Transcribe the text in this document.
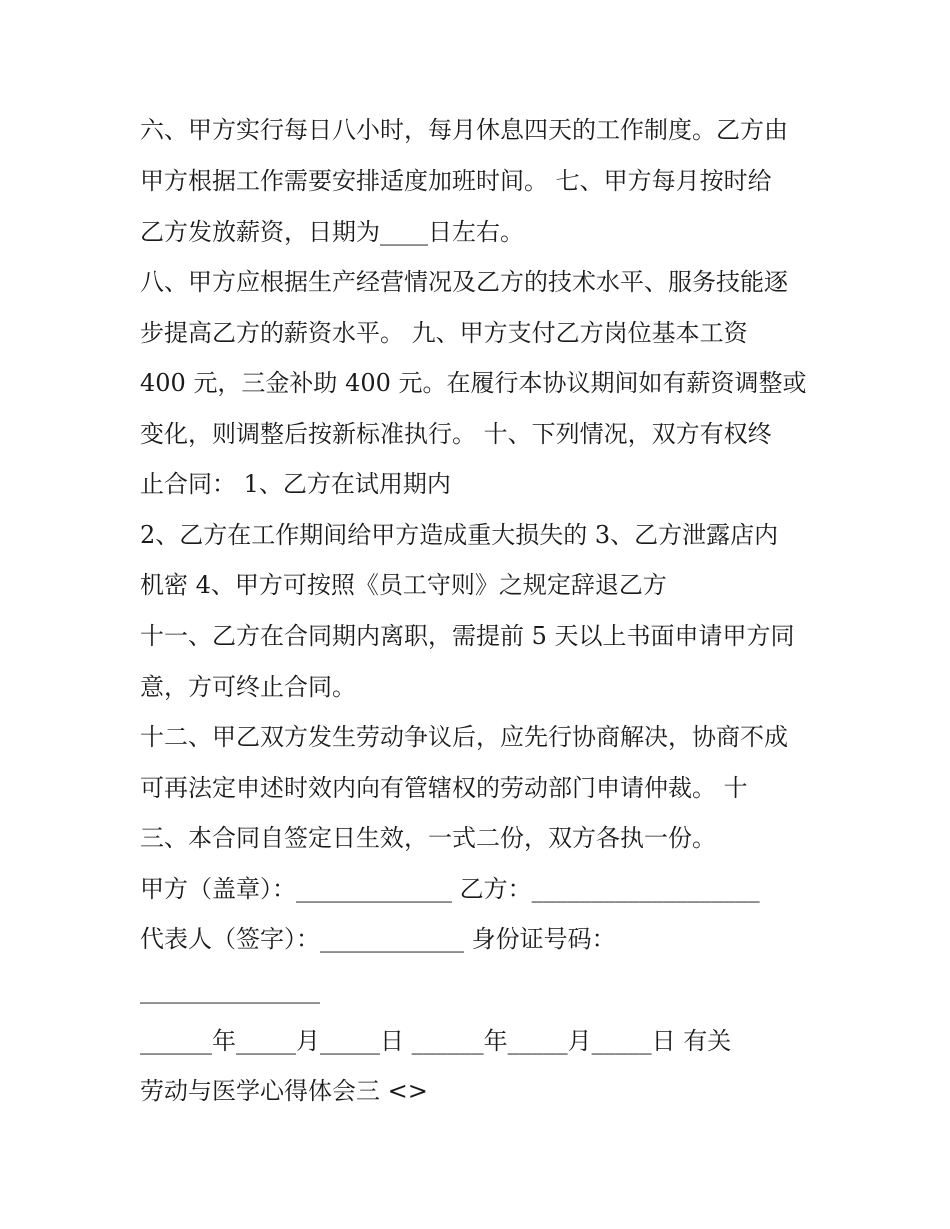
六、甲方实行每日八小时，每月休息四天的工作制度。乙方由
甲方根据工作需要安排适度加班时间。 七、甲方每月按时给
乙方发放薪资，日期为____日左右。
八、甲方应根据生产经营情况及乙方的技术水平、服务技能逐
步提高乙方的薪资水平。 九、甲方支付乙方岗位基本工资
400 元，三金补助 400 元。在履行本协议期间如有薪资调整或
变化，则调整后按新标准执行。 十、下列情况，双方有权终
止合同： 1、乙方在试用期内
2、乙方在工作期间给甲方造成重大损失的 3、乙方泄露店内
机密 4、甲方可按照《员工守则》之规定辞退乙方
十一、乙方在合同期内离职，需提前 5 天以上书面申请甲方同
意，方可终止合同。
十二、甲乙双方发生劳动争议后，应先行协商解决，协商不成
可再法定申述时效内向有管辖权的劳动部门申请仲裁。 十
三、本合同自签定日生效，一式二份，双方各执一份。
甲方（盖章）：_____________ 乙方：___________________
代表人（签字）：____________ 身份证号码：
_______________
______年_____月_____日 ______年_____月_____日 有关
劳动与医学心得体会三 <>
